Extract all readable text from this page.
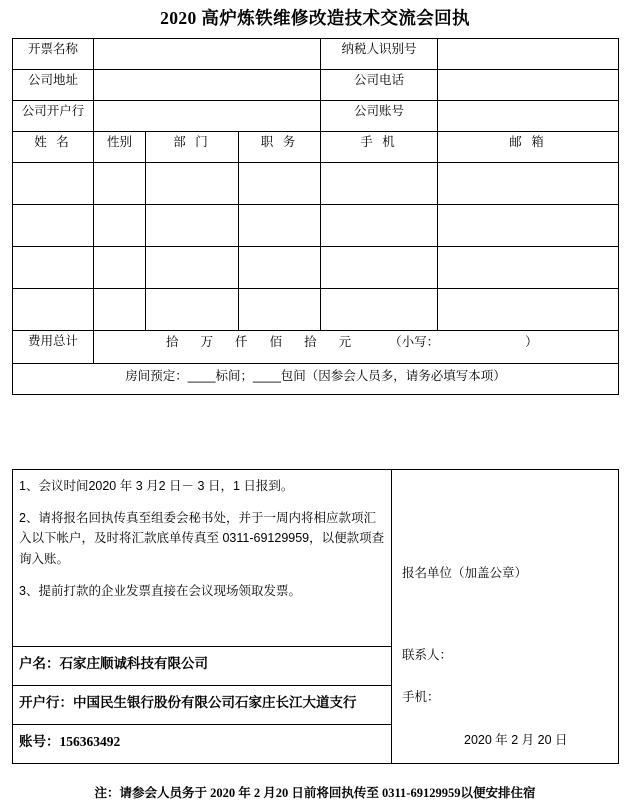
2020 高炉炼铁维修改造技术交流会回执
开票名称				纳税人识别号	

公司地址				公司电话	

公司开户行				公司账号	

姓 名	性别	部 门	职 务	手 机	邮 箱

费用总计	拾 万 仟 佰 拾 元 （小写： ）				

房间预定：____标间；____包间（因参会人员多，请务必填写本项）					

1、会议时间2020 年 3 月2 日－ 3 日，1 日报到。

2、请将报名回执传真至组委会秘书处，并于一周内将相应款项汇入以下帐户，及时将汇款底单传真至 0311-69129959，以便款项查询入账。

3、提前打款的企业发票直接在会议现场领取发票。

报名单位（加盖公章）
联系人：
手机：
2020 年 2 月 20 日

户名：石家庄顺诚科技有限公司

开户行：中国民生银行股份有限公司石家庄长江大道支行

账号：156363492
注：请参会人员务于 2020 年 2 月20 日前将回执传至 0311-69129959以便安排住宿
